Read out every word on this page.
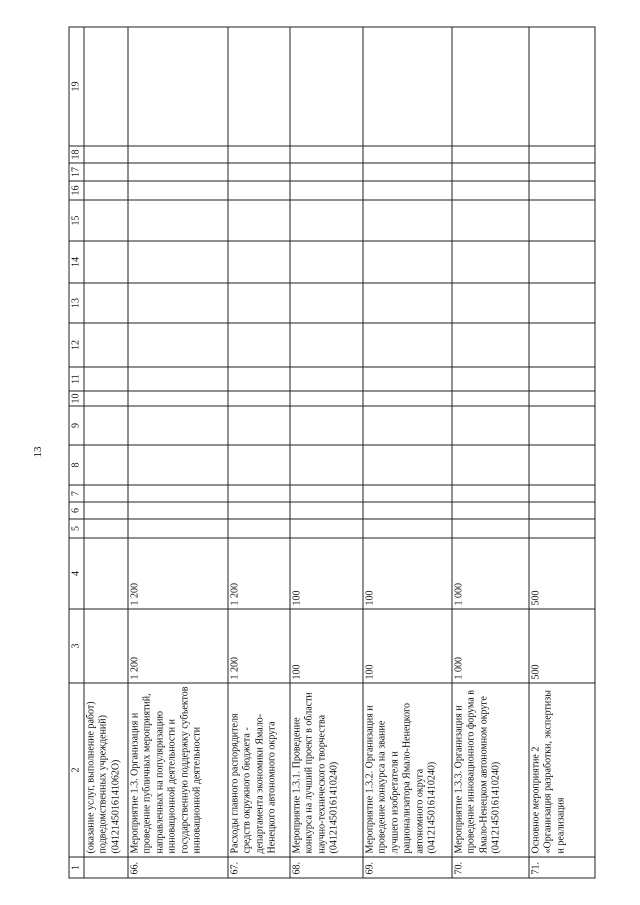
13
1	2	3	4	5	6	7	8	9	10	11	12	13	14	15	16	17	18	19
	(оказание услуг, выполнение работ) подведомственных учреждений) (0412145016141062O)																	
66.	Мероприятие 1.3. Организация и проведение публичных мероприятий, направленных на популяризацию инновационной деятельности и государственную поддержку субъектов инновационной деятельности	1 200	1 200															
67.	Расходы главного распорядителя средств окружного бюджета - департамента экономики Ямало-Ненецкого автономного округа	1 200	1 200															
68.	Мероприятие 1.3.1. Проведение конкурса на лучший проект в области научно-технического творчества (04121450161410240)	100	100															
69.	Мероприятие 1.3.2. Организация и проведение конкурса на звание лучшего изобретателя и рационализатора Ямало-Ненецкого автономного округа (04121450161410240)	100	100															
70.	Мероприятие 1.3.3. Организация и проведение инновационного форума в Ямало-Ненецком автономном округе (04121450161410240)	1 000	1 000															
71.	Основное мероприятие 2 «Организация разработки, экспертизы и реализация	500	500															
